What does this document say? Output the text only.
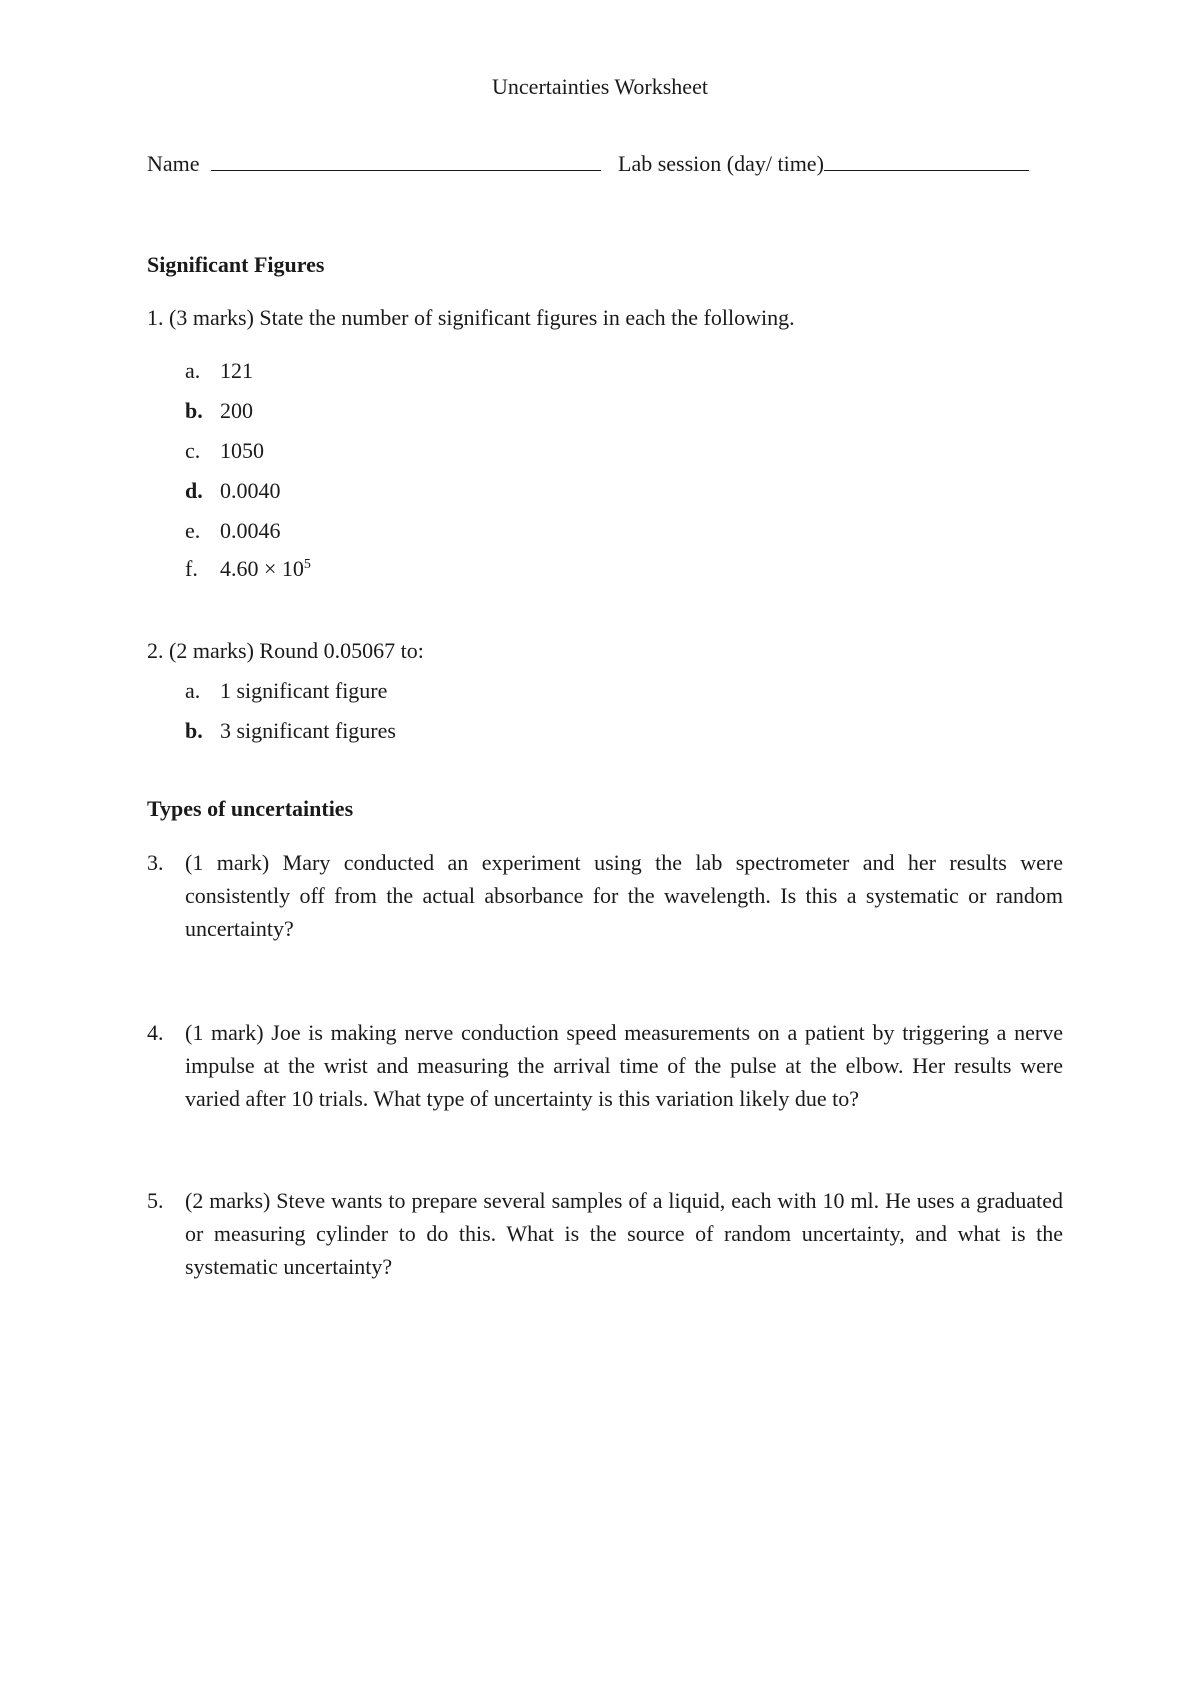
Uncertainties Worksheet
Name	Lab session (day/ time)
Significant Figures
1. (3 marks) State the number of significant figures in each the following.
a. 121
b. 200
c. 1050
d. 0.0040
e. 0.0046
f.	$4.60 \times 10^5$
2. (2 marks) Round 0.05067 to:
a. 1 significant figure
b. 3 significant figures
Types of uncertainties
3. (1 mark) Mary conducted an experiment using the lab spectrometer and her results were consistently off from the actual absorbance for the wavelength. Is this a systematic or random uncertainty?
4. (1 mark) Joe is making nerve conduction speed measurements on a patient by triggering a nerve impulse at the wrist and measuring the arrival time of the pulse at the elbow. Her results were varied after 10 trials. What type of uncertainty is this variation likely due to?
5. (2 marks) Steve wants to prepare several samples of a liquid, each with 10 ml. He uses a graduated or measuring cylinder to do this. What is the source of random uncertainty, and what is the systematic uncertainty?
